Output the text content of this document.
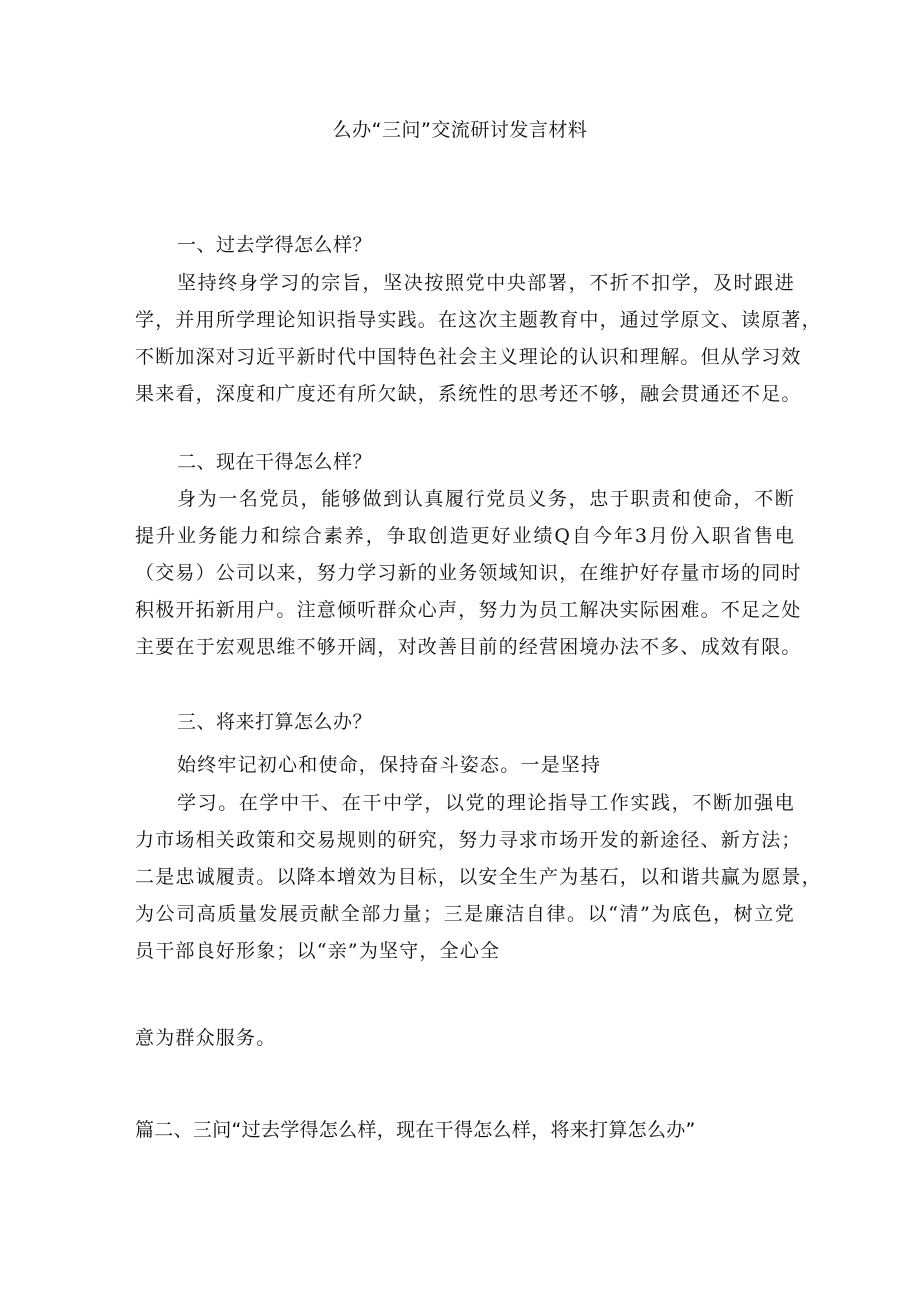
么办“三问”交流研讨发言材料
一、过去学得怎么样？
坚持终身学习的宗旨，坚决按照党中央部署，不折不扣学，及时跟进
学，并用所学理论知识指导实践。在这次主题教育中，通过学原文、读原著，
不断加深对习近平新时代中国特色社会主义理论的认识和理解。但从学习效
果来看，深度和广度还有所欠缺，系统性的思考还不够，融会贯通还不足。
二、现在干得怎么样？
身为一名党员，能够做到认真履行党员义务，忠于职责和使命，不断
提升业务能力和综合素养，争取创造更好业绩Q自今年3月份入职省售电
（交易）公司以来，努力学习新的业务领域知识，在维护好存量市场的同时
积极开拓新用户。注意倾听群众心声，努力为员工解决实际困难。不足之处
主要在于宏观思维不够开阔，对改善目前的经营困境办法不多、成效有限。
三、将来打算怎么办？
始终牢记初心和使命，保持奋斗姿态。一是坚持
学习。在学中干、在干中学，以党的理论指导工作实践，不断加强电
力市场相关政策和交易规则的研究，努力寻求市场开发的新途径、新方法；
二是忠诚履责。以降本增效为目标，以安全生产为基石，以和谐共赢为愿景，
为公司高质量发展贡献全部力量；三是廉洁自律。以“清”为底色，树立党
员干部良好形象；以“亲”为坚守，全心全
意为群众服务。
篇二、三问“过去学得怎么样，现在干得怎么样，将来打算怎么办”
